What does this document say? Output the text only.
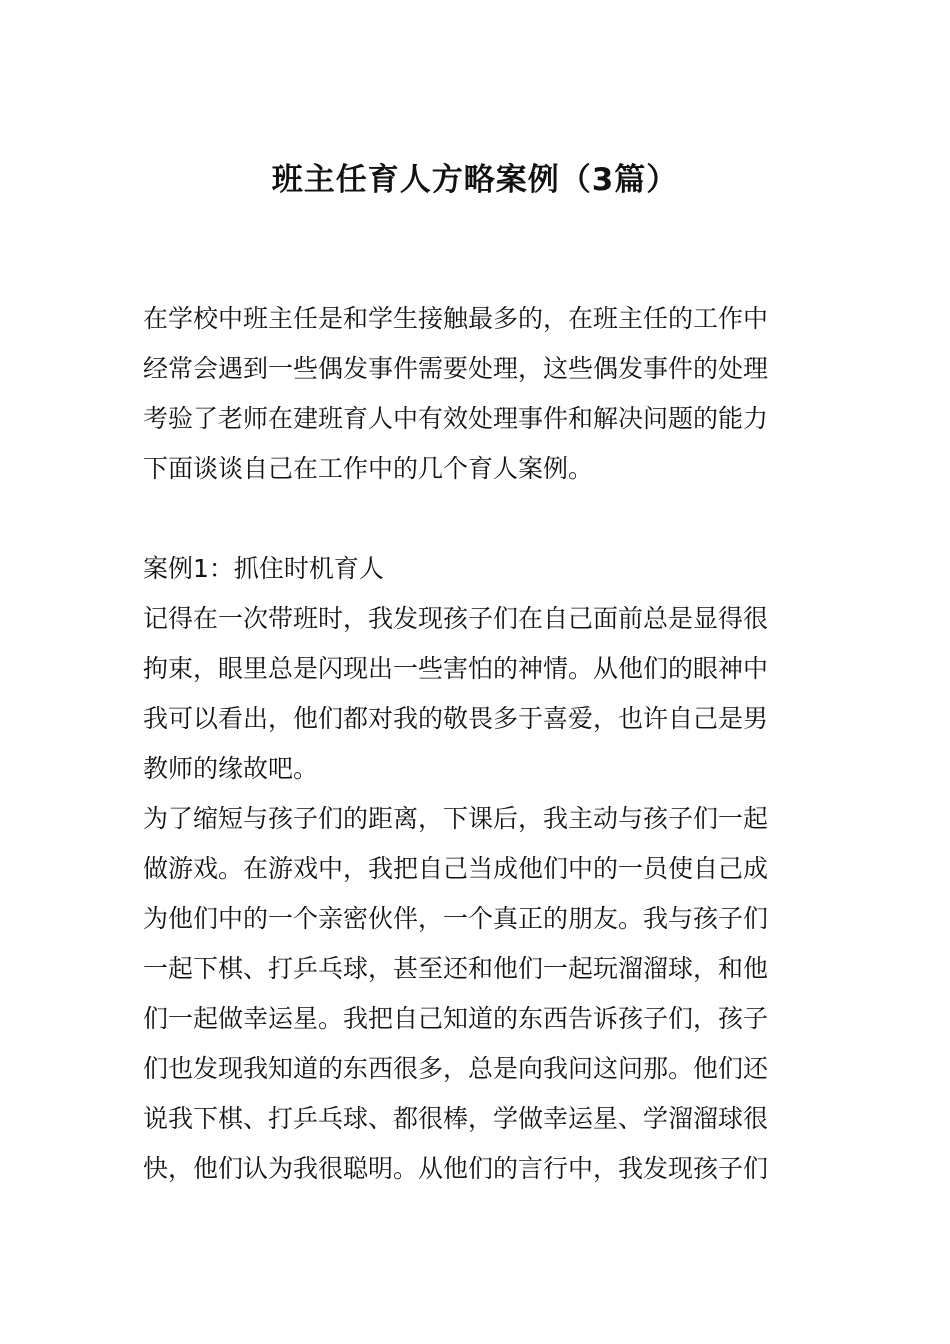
班主任育人方略案例（3篇）
在学校中班主任是和学生接触最多的，在班主任的工作中
经常会遇到一些偶发事件需要处理，这些偶发事件的处理
考验了老师在建班育人中有效处理事件和解决问题的能力
下面谈谈自己在工作中的几个育人案例。
案例1：抓住时机育人
记得在一次带班时，我发现孩子们在自己面前总是显得很
拘束，眼里总是闪现出一些害怕的神情。从他们的眼神中
我可以看出，他们都对我的敬畏多于喜爱，也许自己是男
教师的缘故吧。
为了缩短与孩子们的距离，下课后，我主动与孩子们一起
做游戏。在游戏中，我把自己当成他们中的一员使自己成
为他们中的一个亲密伙伴，一个真正的朋友。我与孩子们
一起下棋、打乒乓球，甚至还和他们一起玩溜溜球，和他
们一起做幸运星。我把自己知道的东西告诉孩子们，孩子
们也发现我知道的东西很多，总是向我问这问那。他们还
说我下棋、打乒乓球、都很棒，学做幸运星、学溜溜球很
快，他们认为我很聪明。从他们的言行中，我发现孩子们
